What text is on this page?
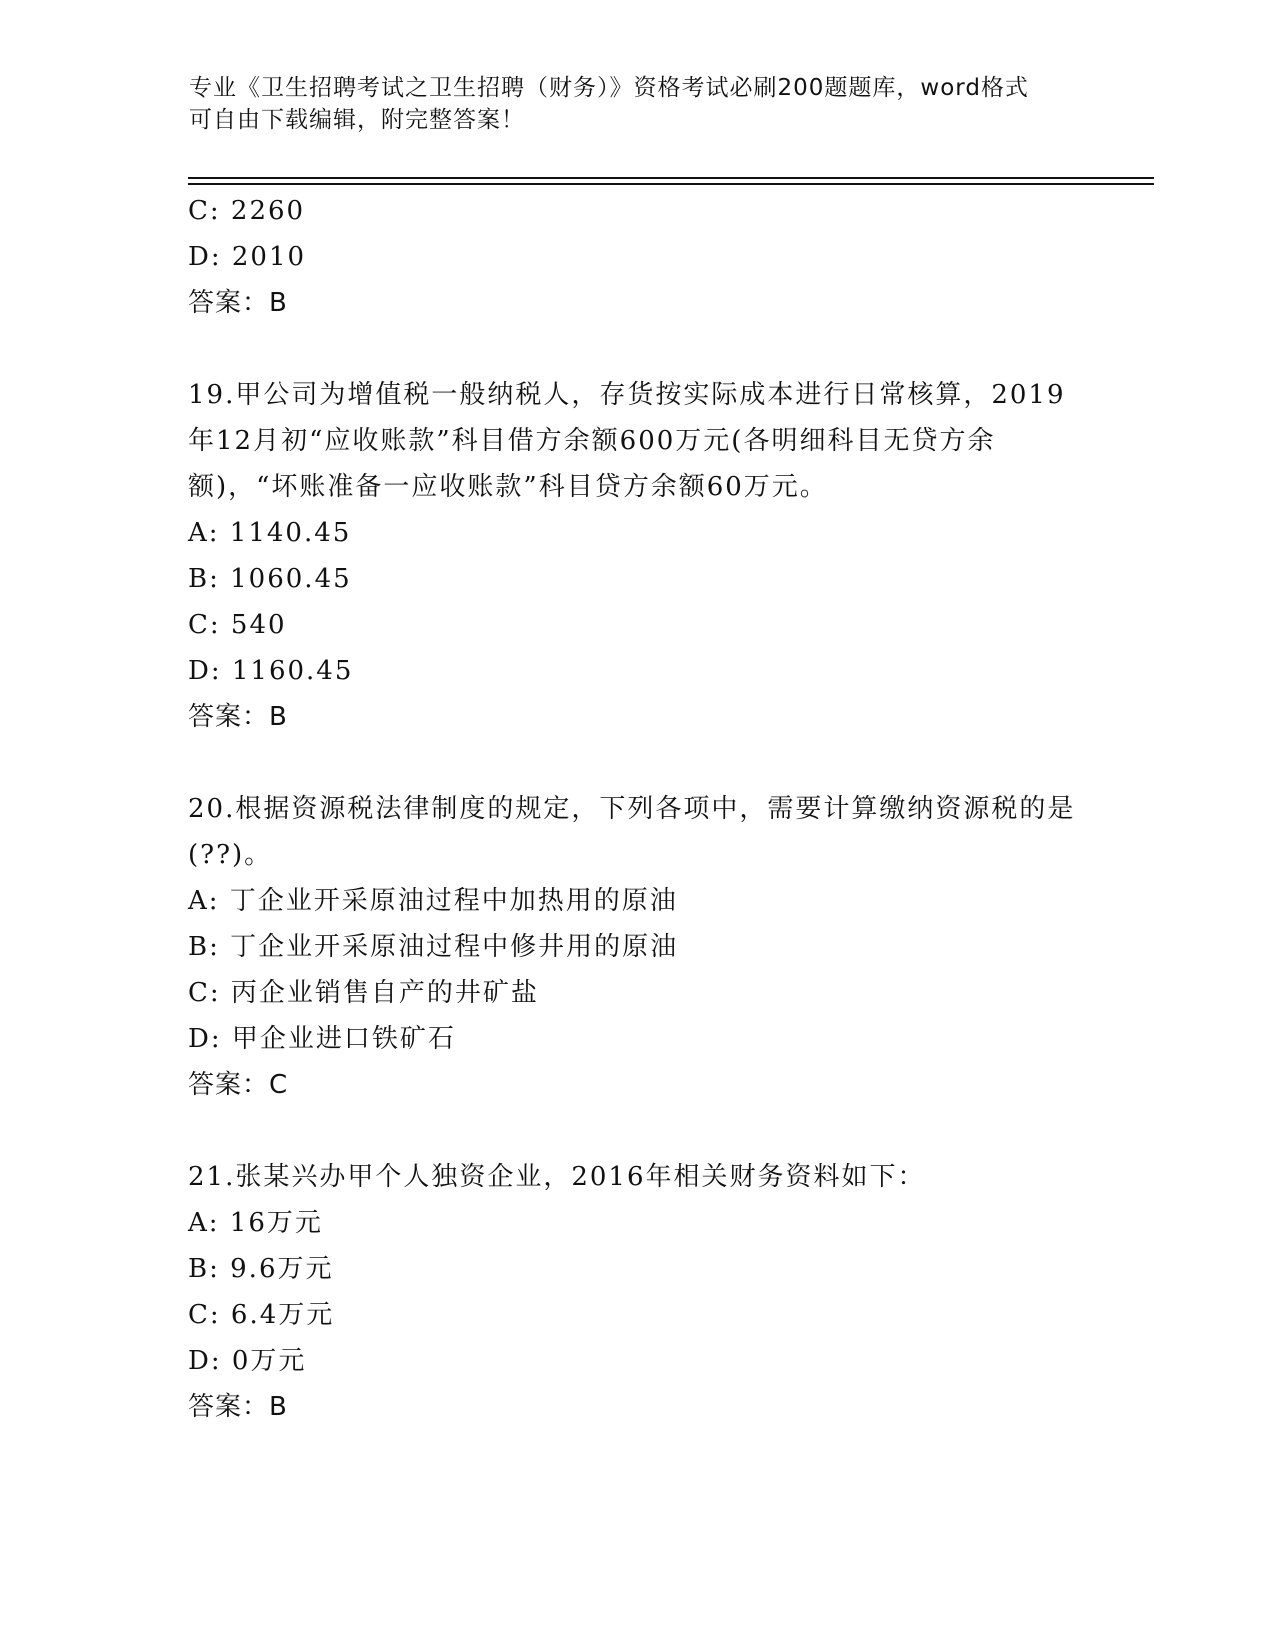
专业《卫生招聘考试之卫生招聘（财务）》资格考试必刷200题题库，word格式
可自由下载编辑，附完整答案！
C: 2260
D: 2010
答案：B
19.甲公司为增值税一般纳税人，存货按实际成本进行日常核算，2019年12月初“应收账款”科目借方余额600万元(各明细科目无贷方余额)，“坏账准备一应收账款”科目贷方余额60万元。
A: 1140.45
B: 1060.45
C: 540
D: 1160.45
答案：B
20.根据资源税法律制度的规定，下列各项中，需要计算缴纳资源税的是(??)。
A: 丁企业开采原油过程中加热用的原油
B: 丁企业开采原油过程中修井用的原油
C: 丙企业销售自产的井矿盐
D: 甲企业进口铁矿石
答案：C
21.张某兴办甲个人独资企业，2016年相关财务资料如下：
A: 16万元
B: 9.6万元
C: 6.4万元
D: 0万元
答案：B
